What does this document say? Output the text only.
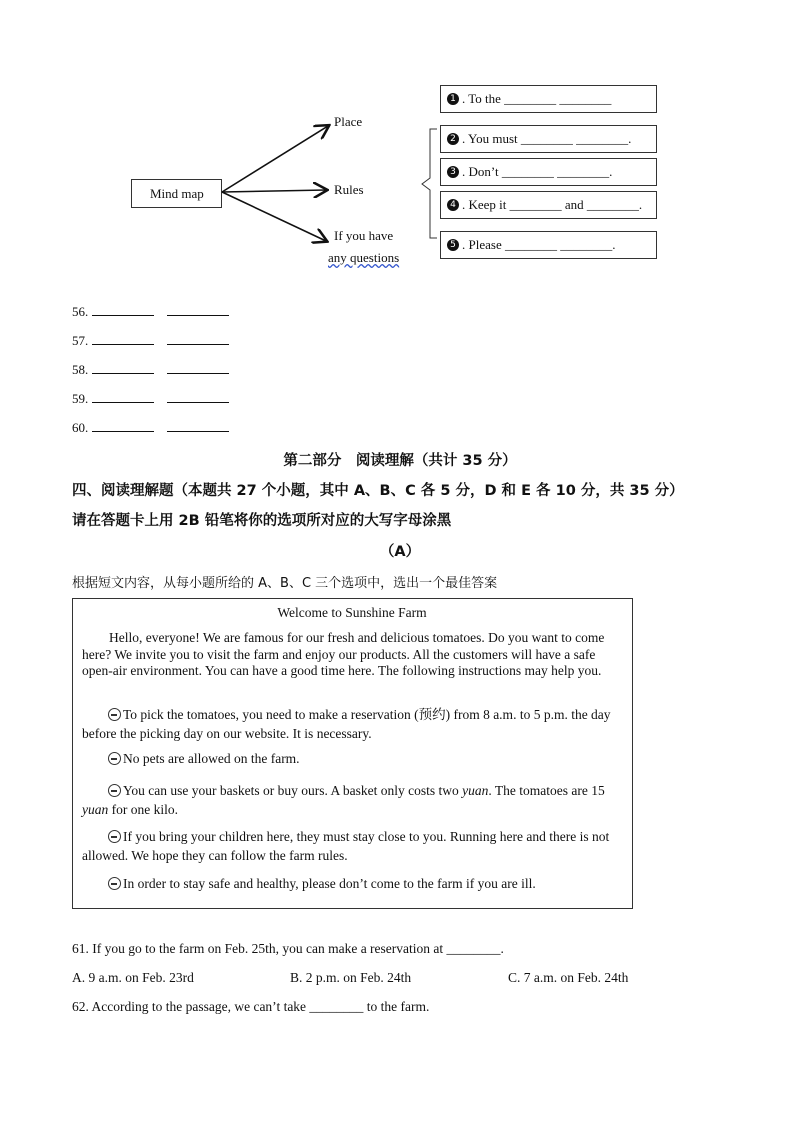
Mind map
Place
Rules
If you have
any questions
1 . To the ________ ________
2 . You must ________ ________.
3 . Don’t ________ ________.
4 . Keep it ________ and ________.
5 . Please ________ ________.
56.
57.
58.
59.
60.
第二部分　阅读理解（共计 35 分）
四、阅读理解题（本题共 27 个小题，其中 A、B、C 各 5 分，D 和 E 各 10 分，共 35 分）
请在答题卡上用 2B 铅笔将你的选项所对应的大写字母涂黑
（A）
根据短文内容，从每小题所给的 A、B、C 三个选项中，选出一个最佳答案
Welcome to Sunshine Farm
Hello, everyone! We are famous for our fresh and delicious tomatoes. Do you want to come here? We invite you to visit the farm and enjoy our products. All the customers will have a safe open-air environment. You can have a good time here. The following instructions may help you.
To pick the tomatoes, you need to make a reservation (预约) from 8 a.m. to 5 p.m. the day before the picking day on our website. It is necessary.
No pets are allowed on the farm.
You can use your baskets or buy ours. A basket only costs two yuan. The tomatoes are 15 yuan for one kilo.
If you bring your children here, they must stay close to you. Running here and there is not allowed. We hope they can follow the farm rules.
In order to stay safe and healthy, please don’t come to the farm if you are ill.
61. If you go to the farm on Feb. 25th, you can make a reservation at ________.
A. 9 a.m. on Feb. 23rd	B. 2 p.m. on Feb. 24th	C. 7 a.m. on Feb. 24th
62. According to the passage, we can’t take ________ to the farm.
